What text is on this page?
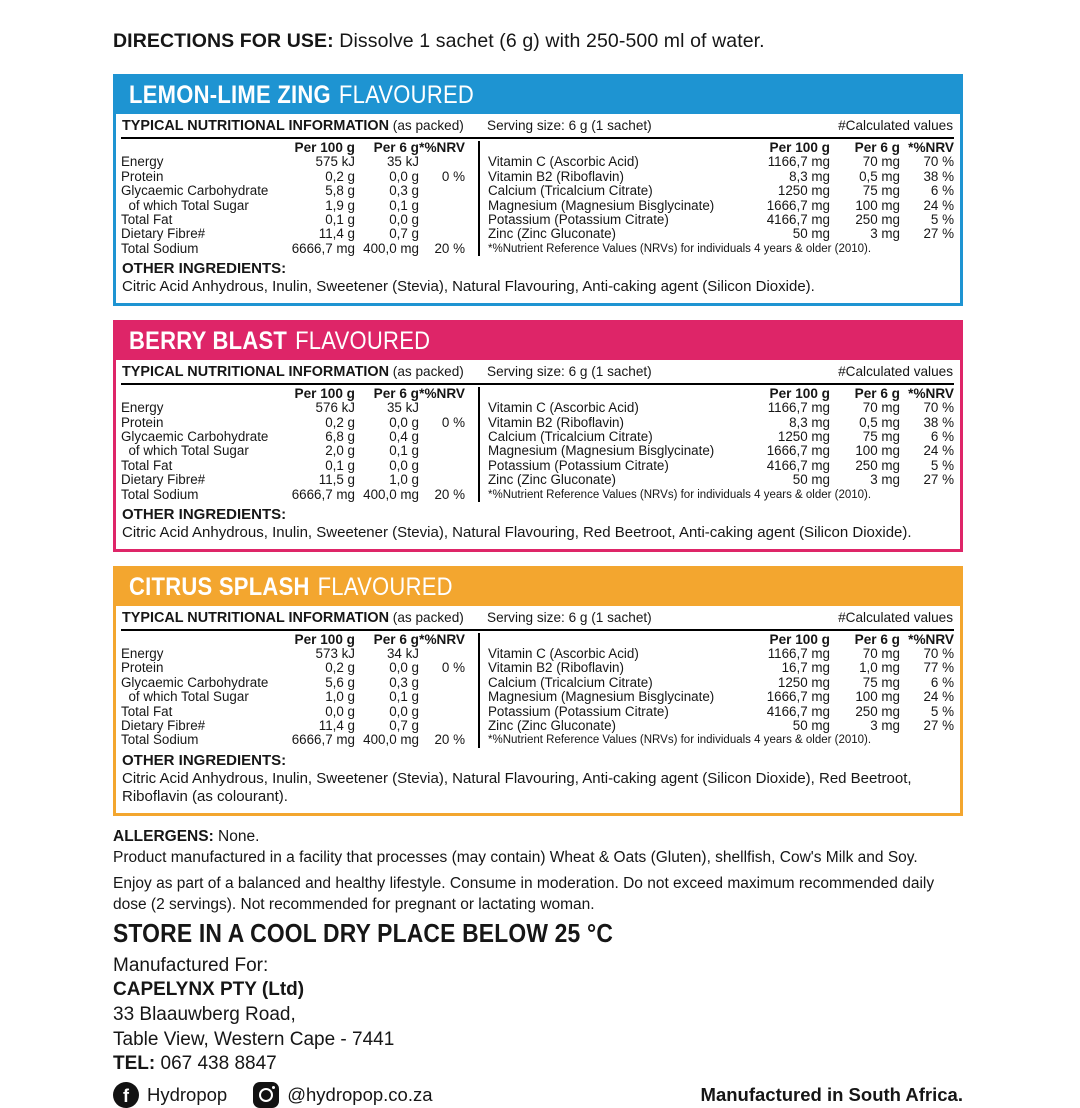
DIRECTIONS FOR USE: Dissolve 1 sachet (6 g) with 250-500 ml of water.

LEMON-LIME ZING FLAVOURED
TYPICAL NUTRITIONAL INFORMATION (as packed)	Serving size: 6 g (1 sachet)	#Calculated values
Per 100 g	Per 6 g *%NRV
Energy	575 kJ	35 kJ
Protein	0,2 g	0,0 g	0 %
Glycaemic Carbohydrate	5,8 g	0,3 g
of which Total Sugar	1,9 g	0,1 g
Total Fat	0,1 g	0,0 g
Dietary Fibre#	11,4 g	0,7 g
Total Sodium	6666,7 mg 400,0 mg	20 %
Per 100 g	Per 6 g *%NRV
Vitamin C (Ascorbic Acid)	1166,7 mg	70 mg	70 %
Vitamin B2 (Riboflavin)	8,3 mg	0,5 mg	38 %
Calcium (Tricalcium Citrate)	1250 mg	75 mg	6 %
Magnesium (Magnesium Bisglycinate)	1666,7 mg	100 mg	24 %
Potassium (Potassium Citrate)	4166,7 mg	250 mg	5 %
Zinc (Zinc Gluconate)	50 mg	3 mg	27 %
*%Nutrient Reference Values (NRVs) for individuals 4 years & older (2010).
OTHER INGREDIENTS:
Citric Acid Anhydrous, Inulin, Sweetener (Stevia), Natural Flavouring, Anti-caking agent (Silicon Dioxide).
BERRY BLAST FLAVOURED
TYPICAL NUTRITIONAL INFORMATION (as packed)	Serving size: 6 g (1 sachet)	#Calculated values
Per 100 g	Per 6 g *%NRV
Energy	576 kJ	35 kJ
Protein	0,2 g	0,0 g	0 %
Glycaemic Carbohydrate	6,8 g	0,4 g
of which Total Sugar	2,0 g	0,1 g
Total Fat	0,1 g	0,0 g
Dietary Fibre#	11,5 g	1,0 g
Total Sodium	6666,7 mg 400,0 mg	20 %
Per 100 g	Per 6 g *%NRV
Vitamin C (Ascorbic Acid)	1166,7 mg	70 mg	70 %
Vitamin B2 (Riboflavin)	8,3 mg	0,5 mg	38 %
Calcium (Tricalcium Citrate)	1250 mg	75 mg	6 %
Magnesium (Magnesium Bisglycinate)	1666,7 mg	100 mg	24 %
Potassium (Potassium Citrate)	4166,7 mg	250 mg	5 %
Zinc (Zinc Gluconate)	50 mg	3 mg	27 %
*%Nutrient Reference Values (NRVs) for individuals 4 years & older (2010).
OTHER INGREDIENTS:
Citric Acid Anhydrous, Inulin, Sweetener (Stevia), Natural Flavouring, Red Beetroot, Anti-caking agent (Silicon Dioxide).
CITRUS SPLASH FLAVOURED
TYPICAL NUTRITIONAL INFORMATION (as packed)	Serving size: 6 g (1 sachet)	#Calculated values
Per 100 g	Per 6 g *%NRV
Energy	573 kJ	34 kJ
Protein	0,2 g	0,0 g	0 %
Glycaemic Carbohydrate	5,6 g	0,3 g
of which Total Sugar	1,0 g	0,1 g
Total Fat	0,0 g	0,0 g
Dietary Fibre#	11,4 g	0,7 g
Total Sodium	6666,7 mg 400,0 mg	20 %
Per 100 g	Per 6 g *%NRV
Vitamin C (Ascorbic Acid)	1166,7 mg	70 mg	70 %
Vitamin B2 (Riboflavin)	16,7 mg	1,0 mg	77 %
Calcium (Tricalcium Citrate)	1250 mg	75 mg	6 %
Magnesium (Magnesium Bisglycinate)	1666,7 mg	100 mg	24 %
Potassium (Potassium Citrate)	4166,7 mg	250 mg	5 %
Zinc (Zinc Gluconate)	50 mg	3 mg	27 %
*%Nutrient Reference Values (NRVs) for individuals 4 years & older (2010).
OTHER INGREDIENTS:
Citric Acid Anhydrous, Inulin, Sweetener (Stevia), Natural Flavouring, Anti-caking agent (Silicon Dioxide), Red Beetroot, Riboflavin (as colourant).
ALLERGENS: None.
Product manufactured in a facility that processes (may contain) Wheat & Oats (Gluten), shellfish, Cow's Milk and Soy.
Enjoy as part of a balanced and healthy lifestyle. Consume in moderation. Do not exceed maximum recommended daily dose (2 servings). Not recommended for pregnant or lactating woman.
STORE IN A COOL DRY PLACE BELOW 25 °C
Manufactured For:
CAPELYNX PTY (Ltd)
33 Blaauwberg Road,
Table View, Western Cape - 7441
TEL: 067 438 8847
f
Hydropop	@hydropop.co.za	Manufactured in South Africa.
